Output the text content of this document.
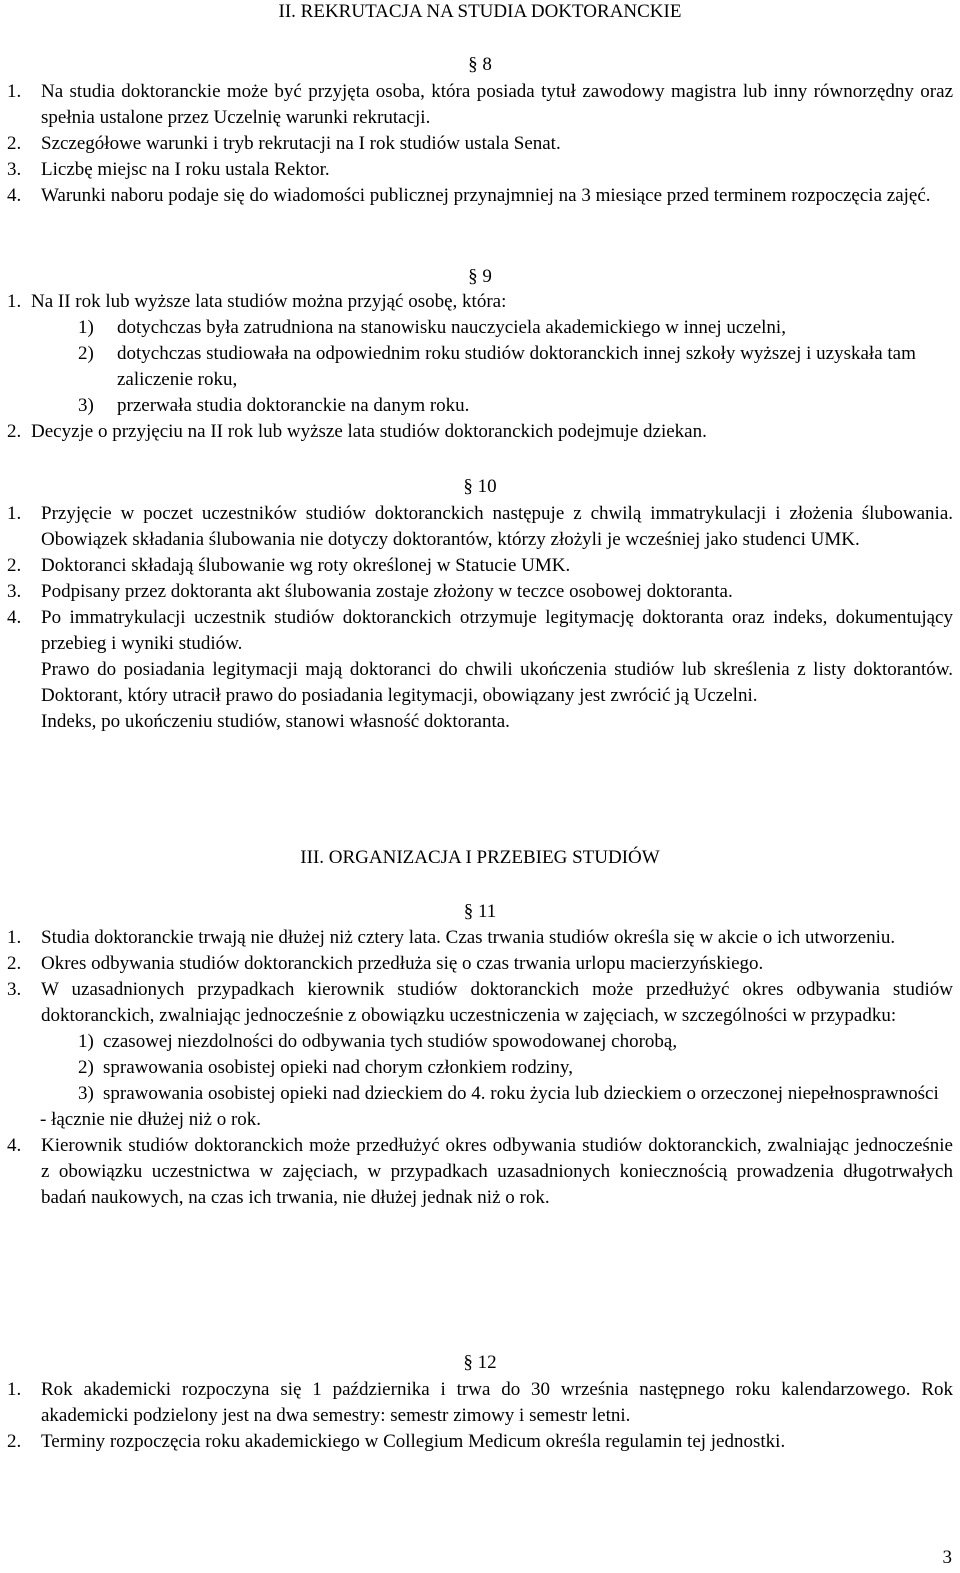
II. REKRUTACJA NA STUDIA DOKTORANCKIE
§ 8
1. Na studia doktoranckie może być przyjęta osoba, która posiada tytuł zawodowy magistra lub inny równorzędny oraz spełnia ustalone przez Uczelnię warunki rekrutacji.
2. Szczegółowe warunki i tryb rekrutacji na I rok studiów ustala Senat.
3. Liczbę miejsc na I roku ustala Rektor.
4. Warunki naboru podaje się do wiadomości publicznej przynajmniej na 3 miesiące przed terminem rozpoczęcia zajęć.
§ 9
1. Na II rok lub wyższe lata studiów można przyjąć osobę, która:
1) dotychczas była zatrudniona na stanowisku nauczyciela akademickiego w innej uczelni,
2) dotychczas studiowała na odpowiednim roku studiów doktoranckich innej szkoły wyższej i uzyskała tam zaliczenie roku,
3) przerwała studia doktoranckie na danym roku.
2. Decyzje o przyjęciu na II rok lub wyższe lata studiów doktoranckich podejmuje dziekan.
§ 10
1. Przyjęcie w poczet uczestników studiów doktoranckich następuje z chwilą immatrykulacji i złożenia ślubowania. Obowiązek składania ślubowania nie dotyczy doktorantów, którzy złożyli je wcześniej jako studenci UMK.
2. Doktoranci składają ślubowanie wg roty określonej w Statucie UMK.
3. Podpisany przez doktoranta akt ślubowania zostaje złożony w teczce osobowej doktoranta.
4. Po immatrykulacji uczestnik studiów doktoranckich otrzymuje legitymację doktoranta oraz indeks, dokumentujący przebieg i wyniki studiów.
Prawo do posiadania legitymacji mają doktoranci do chwili ukończenia studiów lub skreślenia z listy doktorantów. Doktorant, który utracił prawo do posiadania legitymacji, obowiązany jest zwrócić ją Uczelni.
Indeks, po ukończeniu studiów, stanowi własność doktoranta.
III. ORGANIZACJA I PRZEBIEG STUDIÓW
§ 11
1. Studia doktoranckie trwają nie dłużej niż cztery lata. Czas trwania studiów określa się w akcie o ich utworzeniu.
2. Okres odbywania studiów doktoranckich przedłuża się o czas trwania urlopu macierzyńskiego.
3. W uzasadnionych przypadkach kierownik studiów doktoranckich może przedłużyć okres odbywania studiów doktoranckich, zwalniając jednocześnie z obowiązku uczestniczenia w zajęciach, w szczególności w przypadku:
1) czasowej niezdolności do odbywania tych studiów spowodowanej chorobą,
2) sprawowania osobistej opieki nad chorym członkiem rodziny,
3) sprawowania osobistej opieki nad dzieckiem do 4. roku życia lub dzieckiem o orzeczonej niepełnosprawności
- łącznie nie dłużej niż o rok.
4. Kierownik studiów doktoranckich może przedłużyć okres odbywania studiów doktoranckich, zwalniając jednocześnie z obowiązku uczestnictwa w zajęciach, w przypadkach uzasadnionych koniecznością prowadzenia długotrwałych badań naukowych, na czas ich trwania, nie dłużej jednak niż o rok.
§ 12
1. Rok akademicki rozpoczyna się 1 października i trwa do 30 września następnego roku kalendarzowego. Rok akademicki podzielony jest na dwa semestry: semestr zimowy i semestr letni.
2. Terminy rozpoczęcia roku akademickiego w Collegium Medicum określa regulamin tej jednostki.
3
